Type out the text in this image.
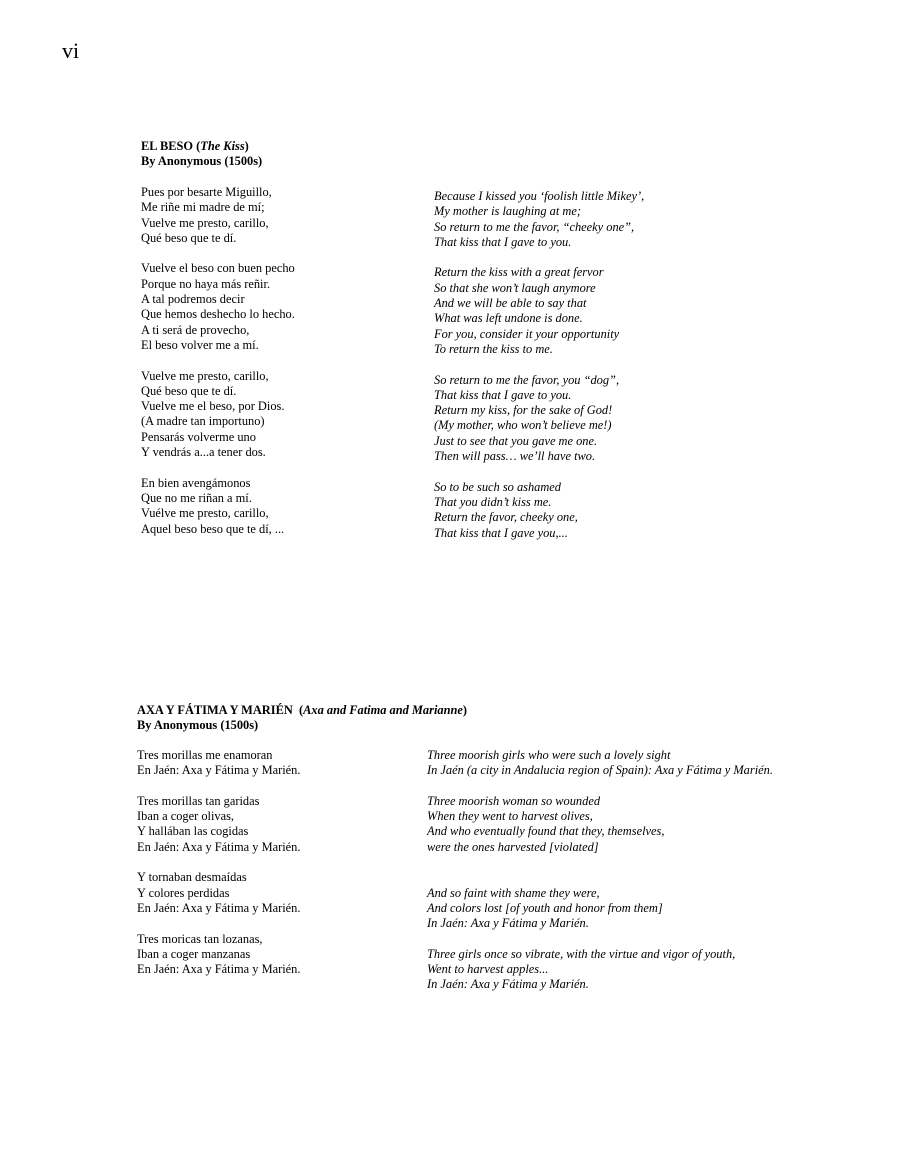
vi
EL BESO (The Kiss)
By Anonymous (1500s)
Pues por besarte Miguillo,
Me riñe mi madre de mí;
Vuelve me presto, carillo,
Qué beso que te dí.
Vuelve el beso con buen pecho
Porque no haya más reñir.
A tal podremos decir
Que hemos deshecho lo hecho.
A ti será de provecho,
El beso volver me a mí.
Vuelve me presto, carillo,
Qué beso que te dí.
Vuelve me el beso, por Dios.
(A madre tan importuno)
Pensarás volverme uno
Y vendrás a...a tener dos.
En bien avengámonos
Que no me riñan a mí.
Vuélve me presto, carillo,
Aquel beso beso que te dí, ...
Because I kissed you ‘foolish little Mikey’,
My mother is laughing at me;
So return to me the favor, “cheeky one”,
That kiss that I gave to you.
Return the kiss with a great fervor
So that she won’t laugh anymore
And we will be able to say that
What was left undone is done.
For you, consider it your opportunity
To return the kiss to me.
So return to me the favor, you “dog”,
That kiss that I gave to you.
Return my kiss, for the sake of God!
(My mother, who won’t believe me!)
Just to see that you gave me one.
Then will pass… we’ll have two.
So to be such so ashamed
That you didn’t kiss me.
Return the favor, cheeky one,
That kiss that I gave you,...
AXA Y FÁTIMA Y MARIÉN  (Axa and Fatima and Marianne)
By Anonymous (1500s)
Tres morillas me enamoran
En Jaén: Axa y Fátima y Marién.
Tres morillas tan garidas
Iban a coger olivas,
Y hallában las cogidas
En Jaén: Axa y Fátima y Marién.
Y tornaban desmaídas
Y colores perdidas
En Jaén: Axa y Fátima y Marién.
Tres moricas tan lozanas,
Iban a coger manzanas
En Jaén: Axa y Fátima y Marién.
Three moorish girls who were such a lovely sight
In Jaén (a city in Andalucia region of Spain): Axa y Fátima y Marién.
Three moorish woman so wounded
When they went to harvest olives,
And who eventually found that they, themselves,
were the ones harvested [violated]
And so faint with shame they were,
And colors lost [of youth and honor from them]
In Jaén: Axa y Fátima y Marién.
Three girls once so vibrate, with the virtue and vigor of youth,
Went to harvest apples...
In Jaén: Axa y Fátima y Marién.
